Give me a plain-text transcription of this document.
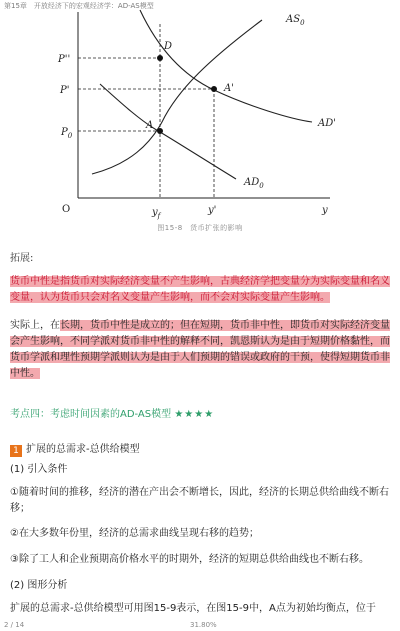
第15章　开放经济下的宏观经济学：AD-AS模型
P''
P'
$P_0$
O	$y_f$	y'	y
A
D
A'
$AS_0$
AD'
$AD_0$
图15-8　货币扩张的影响
拓展:

货币中性是指货币对实际经济变量不产生影响，古典经济学把变量分为实际变量和名义变量，认为货币只会对名义变量产生影响，而不会对实际变量产生影响。

实际上，在长期，货币中性是成立的；但在短期，货币非中性，即货币对实际经济变量会产生影响，不同学派对货币非中性的解释不同，凯恩斯认为是由于短期价格黏性，而货币学派和理性预期学派则认为是由于人们预期的错误或政府的干预，使得短期货币非中性。

考点四：考虑时间因素的AD-AS模型 ★★★★
1 扩展的总需求-总供给模型

(1) 引入条件

①随着时间的推移，经济的潜在产出会不断增长，因此，经济的长期总供给曲线不断右移；

②在大多数年份里，经济的总需求曲线呈现右移的趋势；

③除了工人和企业预期高价格水平的时期外，经济的短期总供给曲线也不断右移。

(2) 图形分析

扩展的总需求-总供给模型可用图15-9表示，在图15-9中，A点为初始均衡点，位于

2 / 14	31.80%
